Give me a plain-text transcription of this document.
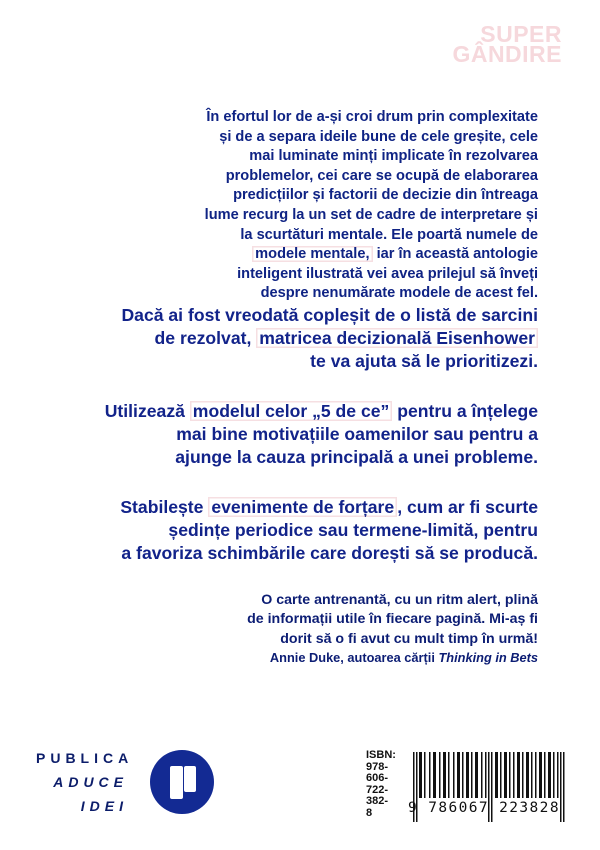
SUPER
GÂNDIRE
În efortul lor de a-și croi drum prin complexitate
și de a separa ideile bune de cele greșite, cele
mai luminate minți implicate în rezolvarea
problemelor, cei care se ocupă de elaborarea
predicțiilor și factorii de decizie din întreaga
lume recurg la un set de cadre de interpretare și
la scurtături mentale. Ele poartă numele de
modele mentale, iar în această antologie
inteligent ilustrată vei avea prilejul să înveți
despre nenumărate modele de acest fel.
Dacă ai fost vreodată copleșit de o listă de sarcini
de rezolvat, matricea decizională Eisenhower
te va ajuta să le prioritizezi.
Utilizează modelul celor „5 de ce” pentru a înțelege
mai bine motivațiile oamenilor sau pentru a
ajunge la cauza principală a unei probleme.
Stabilește evenimente de forțare , cum ar fi scurte
ședințe periodice sau termene-limită, pentru
a favoriza schimbările care dorești să se producă.
O carte antrenantă, cu un ritm alert, plină
de informații utile în fiecare pagină. Mi-aș fi
dorit să o fi avut cu mult timp în urmă!
Annie Duke, autoarea cărții Thinking in Bets
PUBLICA
ADUCE
IDEI
ISBN:
978-
606-
722-
382-
8	9 786067 223828
